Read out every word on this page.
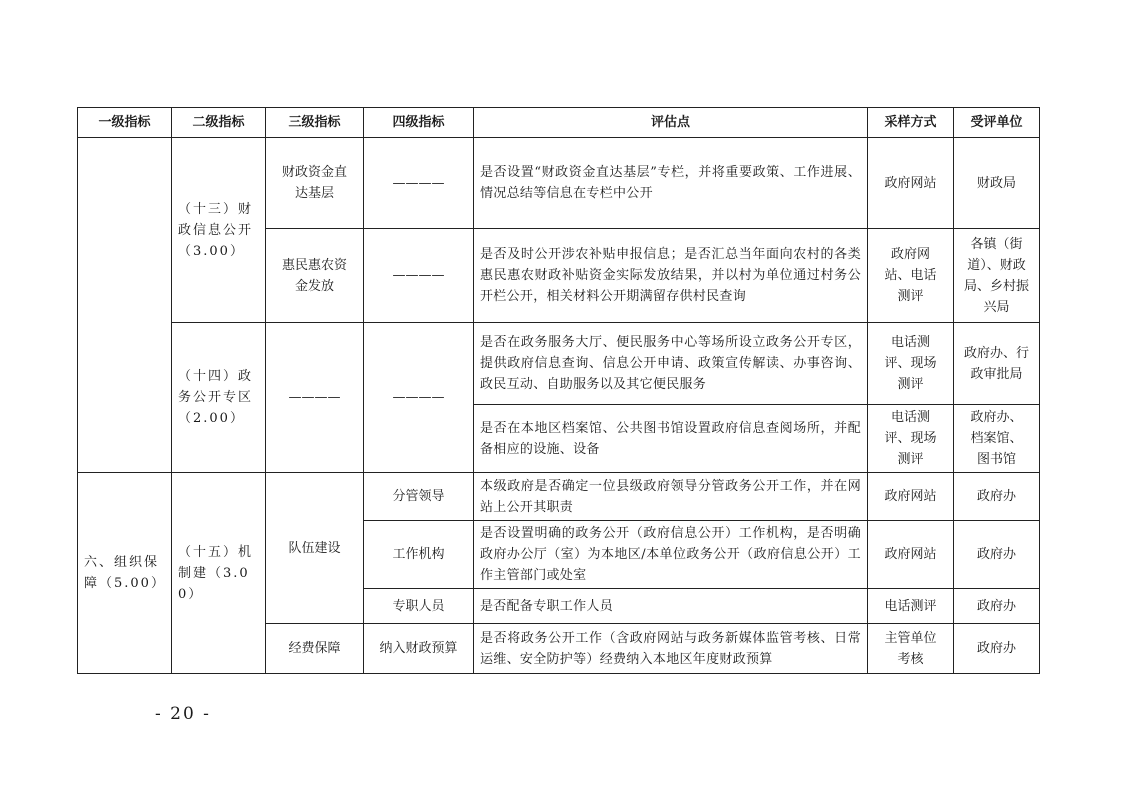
一级指标	二级指标	三级指标	四级指标	评估点	采样方式	受评单位
	（十三）财政信息公开（3.00）	财政资金直达基层	————	是否设置“财政资金直达基层”专栏，并将重要政策、工作进展、情况总结等信息在专栏中公开	政府网站	财政局
		惠民惠农资金发放	————	是否及时公开涉农补贴申报信息；是否汇总当年面向农村的各类惠民惠农财政补贴资金实际发放结果，并以村为单位通过村务公开栏公开，相关材料公开期满留存供村民查询	政府网站、电话测评	各镇（街道）、财政局、乡村振兴局
	（十四）政务公开专区（2.00）	————	————	是否在政务服务大厅、便民服务中心等场所设立政务公开专区，提供政府信息查询、信息公开申请、政策宣传解读、办事咨询、政民互动、自助服务以及其它便民服务	电话测评、现场测评	政府办、行政审批局
				是否在本地区档案馆、公共图书馆设置政府信息查阅场所，并配备相应的设施、设备	电话测评、现场测评	政府办、档案馆、图书馆
六、组织保障（5.00）	（十五）机制建（3.00）	队伍建设	分管领导	本级政府是否确定一位县级政府领导分管政务公开工作，并在网站上公开其职责	政府网站	政府办
			工作机构	是否设置明确的政务公开（政府信息公开）工作机构，是否明确政府办公厅（室）为本地区/本单位政务公开（政府信息公开）工作主管部门或处室	政府网站	政府办
			专职人员	是否配备专职工作人员	电话测评	政府办
		经费保障	纳入财政预算	是否将政务公开工作（含政府网站与政务新媒体监管考核、日常运维、安全防护等）经费纳入本地区年度财政预算	主管单位考核	政府办
- 20 -
